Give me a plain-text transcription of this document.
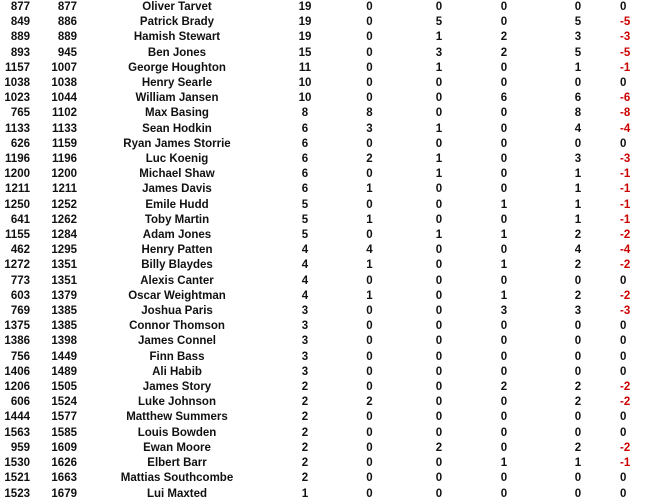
877	877	Oliver Tarvet	19	0	0	0	0	0
849	886	Patrick Brady	19	0	5	0	5	-5
889	889	Hamish Stewart	19	0	1	2	3	-3
893	945	Ben Jones	15	0	3	2	5	-5
1157	1007	George Houghton	11	0	1	0	1	-1
1038	1038	Henry Searle	10	0	0	0	0	0
1023	1044	William Jansen	10	0	0	6	6	-6
765	1102	Max Basing	8	8	0	0	8	-8
1133	1133	Sean Hodkin	6	3	1	0	4	-4
626	1159	Ryan James Storrie	6	0	0	0	0	0
1196	1196	Luc Koenig	6	2	1	0	3	-3
1200	1200	Michael Shaw	6	0	1	0	1	-1
1211	1211	James Davis	6	1	0	0	1	-1
1250	1252	Emile Hudd	5	0	0	1	1	-1
641	1262	Toby Martin	5	1	0	0	1	-1
1155	1284	Adam Jones	5	0	1	1	2	-2
462	1295	Henry Patten	4	4	0	0	4	-4
1272	1351	Billy Blaydes	4	1	0	1	2	-2
773	1351	Alexis Canter	4	0	0	0	0	0
603	1379	Oscar Weightman	4	1	0	1	2	-2
769	1385	Joshua Paris	3	0	0	3	3	-3
1375	1385	Connor Thomson	3	0	0	0	0	0
1386	1398	James Connel	3	0	0	0	0	0
756	1449	Finn Bass	3	0	0	0	0	0
1406	1489	Ali Habib	3	0	0	0	0	0
1206	1505	James Story	2	0	0	2	2	-2
606	1524	Luke Johnson	2	2	0	0	2	-2
1444	1577	Matthew Summers	2	0	0	0	0	0
1563	1585	Louis Bowden	2	0	0	0	0	0
959	1609	Ewan Moore	2	0	2	0	2	-2
1530	1626	Elbert Barr	2	0	0	1	1	-1
1521	1663	Mattias Southcombe	2	0	0	0	0	0
1523	1679	Lui Maxted	1	0	0	0	0	0
